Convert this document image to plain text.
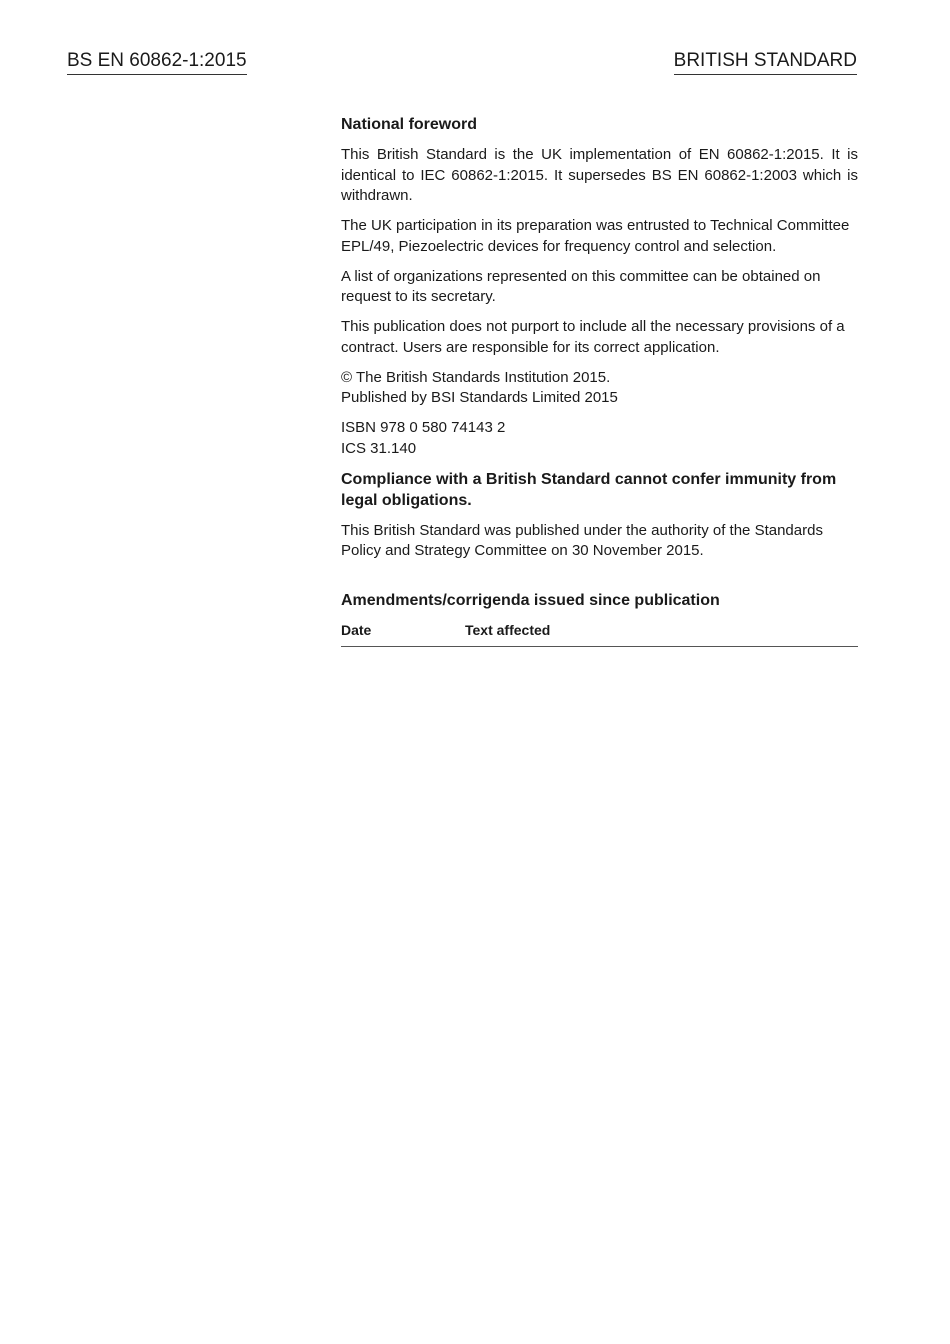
BS EN 60862-1:2015	BRITISH STANDARD
National foreword
This British Standard is the UK implementation of EN 60862-1:2015. It is identical to IEC 60862-1:2015. It supersedes BS EN 60862-1:2003 which is withdrawn.
The UK participation in its preparation was entrusted to Technical Committee EPL/49, Piezoelectric devices for frequency control and selection.
A list of organizations represented on this committee can be obtained on request to its secretary.
This publication does not purport to include all the necessary provisions of a contract. Users are responsible for its correct application.
© The British Standards Institution 2015.
Published by BSI Standards Limited 2015
ISBN 978 0 580 74143 2
ICS 31.140
Compliance with a British Standard cannot confer immunity from legal obligations.
This British Standard was published under the authority of the Standards Policy and Strategy Committee on 30 November 2015.
Amendments/corrigenda issued since publication
Date	Text affected
